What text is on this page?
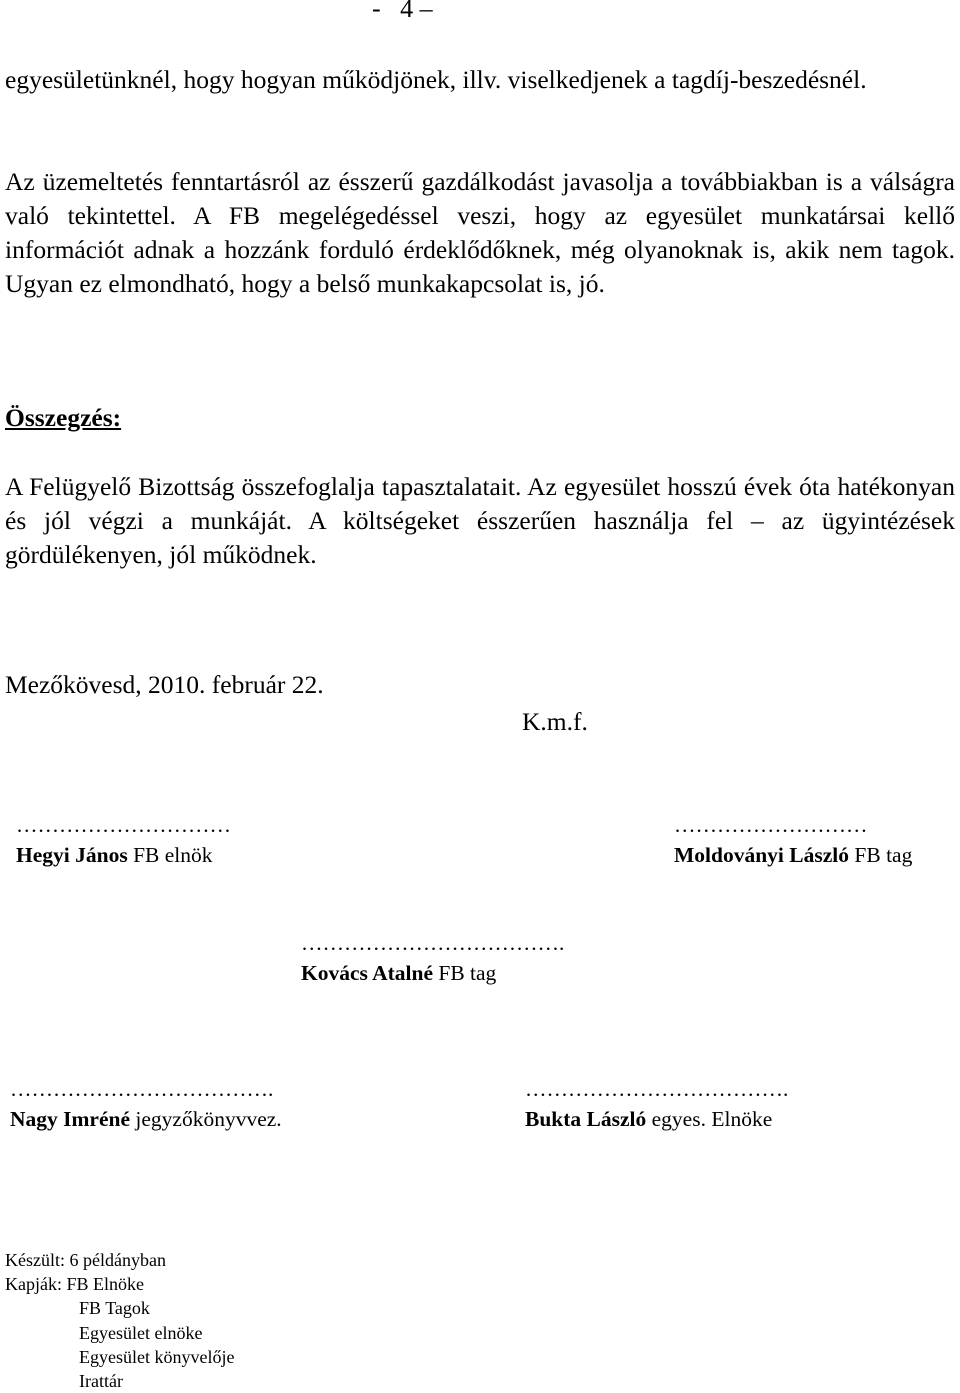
-   4 –

egyesületünknél, hogy hogyan működjönek, illv. viselkedjenek a tagdíj-beszedésnél.

Az üzemeltetés fenntartásról az ésszerű gazdálkodást javasolja a továbbiakban is a válságra való tekintettel. A FB megelégedéssel veszi, hogy az egyesület munkatársai kellő információt adnak a hozzánk forduló érdeklődőknek, még olyanoknak is, akik nem tagok. Ugyan ez elmondható, hogy a belső munkakapcsolat is, jó.

Összegzés:

A Felügyelő Bizottság összefoglalja tapasztalatait. Az egyesület hosszú évek óta hatékonyan és jól végzi a munkáját. A költségeket ésszerűen használja fel – az ügyintézések gördülékenyen, jól működnek.

Mezőkövesd, 2010. február 22.

K.m.f.

…………………………
Hegyi János FB elnök
………………………
Moldoványi László FB tag
……………………………….
Kovács Atalné FB tag
……………………………….
Nagy Imréné jegyzőkönyvvez.
……………………………….
Bukta László egyes. Elnöke
Készült: 6 példányban
Kapják: FB Elnöke
FB Tagok
Egyesület elnöke
Egyesület könyvelője
Irattár
